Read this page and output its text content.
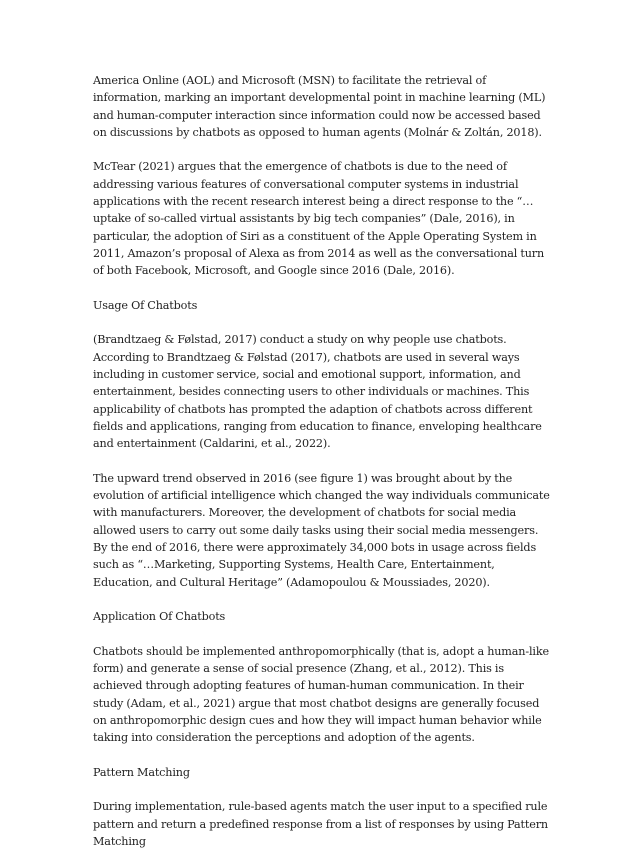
America Online (AOL) and Microsoft (MSN) to facilitate the retrieval of information, marking an important developmental point in machine learning (ML) and human-computer interaction since information could now be accessed based on discussions by chatbots as opposed to human agents (Molnár & Zoltán, 2018).

McTear (2021) argues that the emergence of chatbots is due to the need of addressing various features of conversational computer systems in industrial applications with the recent research interest being a direct response to the “…uptake of so-called virtual assistants by big tech companies” (Dale, 2016), in particular, the adoption of Siri as a constituent of the Apple Operating System in 2011, Amazon’s proposal of Alexa as from 2014 as well as the conversational turn of both Facebook, Microsoft, and Google since 2016 (Dale, 2016).

Usage Of Chatbots

(Brandtzaeg & Følstad, 2017) conduct a study on why people use chatbots. According to Brandtzaeg & Følstad (2017), chatbots are used in several ways including in customer service, social and emotional support, information, and entertainment, besides connecting users to other individuals or machines. This applicability of chatbots has prompted the adaption of chatbots across different fields and applications, ranging from education to finance, enveloping healthcare and entertainment (Caldarini, et al., 2022).

The upward trend observed in 2016 (see figure 1) was brought about by the evolution of artificial intelligence which changed the way individuals communicate with manufacturers. Moreover, the development of chatbots for social media allowed users to carry out some daily tasks using their social media messengers. By the end of 2016, there were approximately 34,000 bots in usage across fields such as “…Marketing, Supporting Systems, Health Care, Entertainment, Education, and Cultural Heritage” (Adamopoulou & Moussiades, 2020).

Application Of Chatbots

Chatbots should be implemented anthropomorphically (that is, adopt a human-like form) and generate a sense of social presence (Zhang, et al., 2012). This is achieved through adopting features of human-human communication. In their study (Adam, et al., 2021) argue that most chatbot designs are generally focused on anthropomorphic design cues and how they will impact human behavior while taking into consideration the perceptions and adoption of the agents.

Pattern Matching

During implementation, rule-based agents match the user input to a specified rule pattern and return a predefined response from a list of responses by using Pattern Matching
